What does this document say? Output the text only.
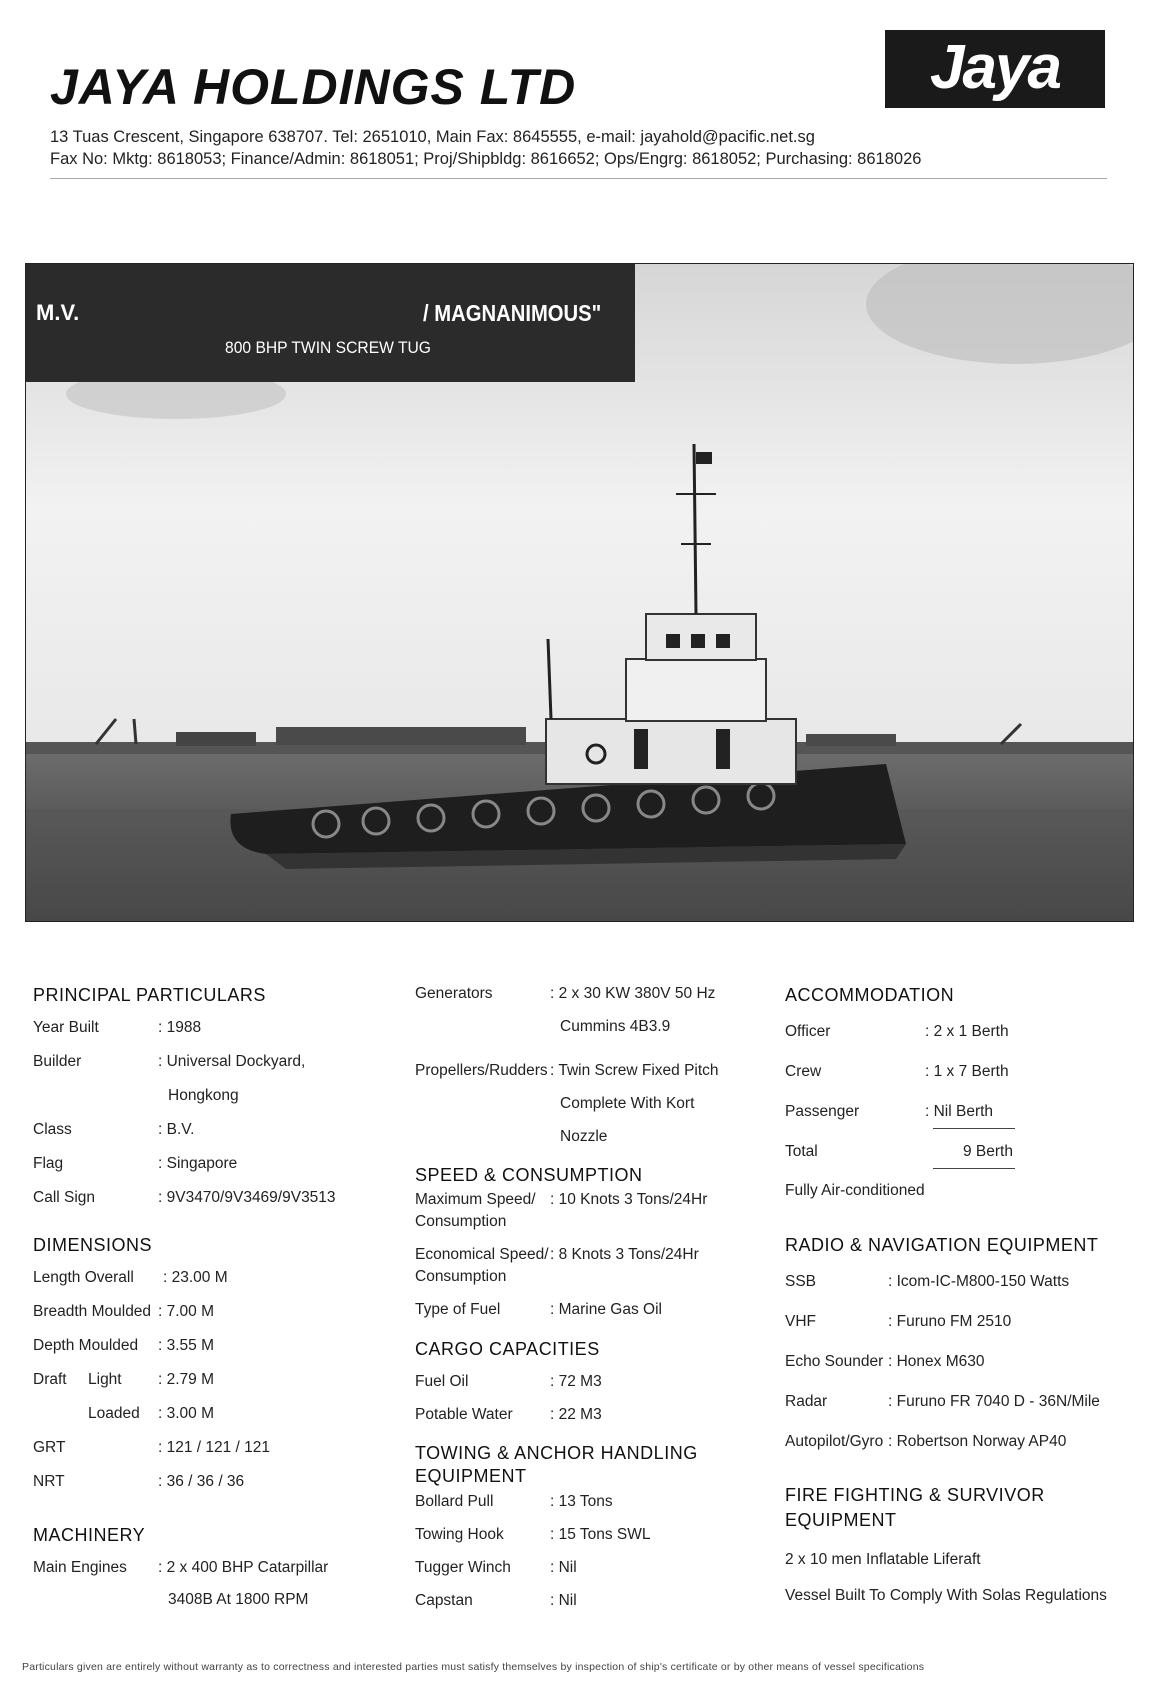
JAYA HOLDINGS LTD	Jaya
13 Tuas Crescent, Singapore 638707. Tel: 2651010, Main Fax: 8645555, e-mail: jayahold@pacific.net.sg
Fax No: Mktg: 8618053; Finance/Admin: 8618051; Proj/Shipbldg: 8616652; Ops/Engrg: 8618052; Purchasing: 8618026
M.V.	/ MAGNANIMOUS"
800 BHP TWIN SCREW TUG
PRINCIPAL PARTICULARS
Year Built	: 1988
Builder	: Universal Dockyard,
Hongkong
Class	: B.V.
Flag	: Singapore
Call Sign	: 9V3470/9V3469/9V3513
DIMENSIONS
Length Overall : 23.00 M
Breadth Moulded : 7.00 M
Depth Moulded : 3.55 M
Draft Light : 2.79 M
Loaded : 3.00 M
GRT	: 121 / 121 / 121
NRT	: 36 / 36 / 36
MACHINERY
Main Engines : 2 x 400 BHP Catarpillar
3408B At 1800 RPM
Generators	: 2 x 30 KW 380V 50 Hz
Cummins 4B3.9
Propellers/Rudders : Twin Screw Fixed Pitch
Complete With Kort
Nozzle
SPEED & CONSUMPTION
Maximum Speed/ : 10 Knots 3 Tons/24Hr
Consumption
Economical Speed/ : 8 Knots 3 Tons/24Hr
Consumption
Type of Fuel	: Marine Gas Oil
CARGO CAPACITIES
Fuel Oil	: 72 M3
Potable Water : 22 M3
TOWING & ANCHOR HANDLING
EQUIPMENT
Bollard Pull	: 13 Tons
Towing Hook	: 15 Tons SWL
Tugger Winch	: Nil
Capstan	: Nil
ACCOMMODATION
Officer	: 2 x 1 Berth
Crew	: 1 x 7 Berth
Passenger	: Nil Berth
Total	9 Berth
Fully Air-conditioned
RADIO & NAVIGATION EQUIPMENT
SSB	: Icom-IC-M800-150 Watts
VHF	: Furuno FM 2510
Echo Sounder : Honex M630
Radar	: Furuno FR 7040 D - 36N/Mile
Autopilot/Gyro : Robertson Norway AP40
FIRE FIGHTING & SURVIVOR
EQUIPMENT
2 x 10 men Inflatable Liferaft
Vessel Built To Comply With Solas Regulations
Particulars given are entirely without warranty as to correctness and interested parties must satisfy themselves by inspection of ship's certificate or by other means of vessel specifications
